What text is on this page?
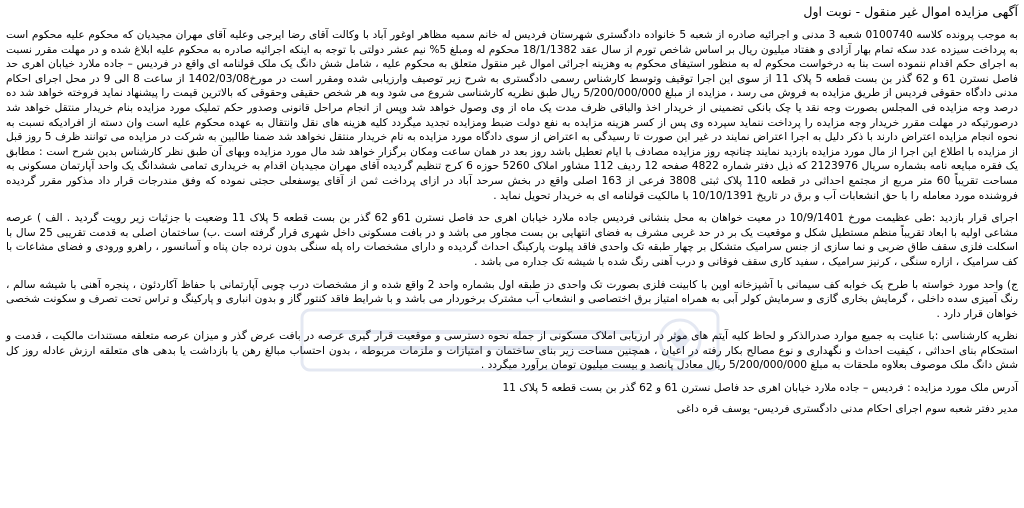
آگهی مزایده اموال غیر منقول - نوبت اول
به موجب پرونده کلاسه 0100740 شعبه 3 مدنی و اجرائیه صادره از شعبه 5 خانواده دادگستری شهرستان فردیس له خانم سمیه مظاهر اوغور آباد با وکالت آقای رضا ایرجی وعلیه آقای مهران مجیدیان که محکوم علیه محکوم است به پرداخت سیزده عدد سکه تمام بهار آزادی و هفتاد میلیون ریال بر اساس شاخص تورم از سال عقد 18/1/1382 محکوم له ومبلغ 5% نیم عشر دولتی با توجه به اینکه اجرائیه صادره به محکوم علیه ابلاغ شده و در مهلت مقرر نسبت به اجرای حکم اقدام ننموده است بنا به درخواست محکوم له به منظور استیفای محکوم به وهزینه اجرائی اموال غیر منقول متعلق به محکوم علیه ، شامل شش دانگ یک ملک قولنامه ای واقع در فردیس – جاده ملارد خیابان اهری حد فاصل نسترن 61 و 62 گذر بن بست قطعه 5 پلاک 11 از سوی این اجرا توقیف وتوسط کارشناس رسمی دادگستری به شرح زیر توصیف وارزیابی شده ومقرر است در مورخ1402/03/08 از ساعت 8 الی 9 در محل اجرای احکام مدنی دادگاه حقوقی فردیس از طریق مزایده به فروش می رسد ، مزایده از مبلغ 5/200/000/000 ریال طبق نظریه کارشناسی شروع می شود وبه هر شخص حقیقی وحقوقی که بالاترین قیمت را پیشنهاد نماید فروخته خواهد شد ده درصد وجه مزایده فی المجلس بصورت وجه نقد یا چک بانکی تضمینی از خریدار اخذ والباقی ظرف مدت یک ماه از وی وصول خواهد شد وپس از انجام مراحل قانونی وصدور حکم تملیک مورد مزایده بنام خریدار منتقل خواهد شد درصورتیکه در مهلت مقرر خریدار وجه مزایده را پرداخت ننماید سپرده وی پس از کسر هزینه مزایده به نفع دولت ضبط ومزایده تجدید میگردد کلیه هزینه های نقل وانتقال به عهده محکوم علیه است وان دسته از افرادیکه نسبت به نحوه انجام مزایده اعتراض دارند با ذکر دلیل به اجرا اعتراض نمایند در غیر این صورت تا رسیدگی به اعتراض از سوی دادگاه مورد مزایده به نام خریدار منتقل نخواهد شد ضمنا طالبین به شرکت در مزایده می توانند ظرف 5 روز قبل از مزایده با اطلاع این اجرا از مال مورد مزایده بازدید نمایند چنانچه روز مزایده مصادف با ایام تعطیل باشد روز بعد در همان ساعت ومکان برگزار خواهد شد مال مورد مزایده وبهای آن طبق نظر کارشناس بدین شرح است : مطابق یک فقره مبایعه نامه بشماره سریال 2123976 که ذیل دفتر شماره 4822 صفحه 12 ردیف 112 مشاور املاک 5260 حوزه 6 کرج تنظیم گردیده آقای مهران مجیدیان اقدام به خریداری تمامی ششدانگ یک واحد آپارتمان مسکونی به مساحت تقریباً 60 متر مربع از مجتمع احداثی در قطعه 110 پلاک ثبتی 3808 فرعی از 163 اصلی واقع در بخش سرحد آباد در ازای پرداخت ثمن از آقای یوسفعلی حجتی نموده که وفق مندرجات قرار داد مذکور مقرر گردیده فروشنده مورد معامله را با حق انشعابات آب و برق در تاریخ 10/10/1391 با مالکیت قولنامه ای به خریدار تحویل نماید .
اجرای قرار بازدید :طی عظیمت مورخ 10/9/1401 در معیت خواهان به محل بنشانی فردیس جاده ملارد خیابان اهری حد فاصل نسترن 61و 62 گذر بن بست قطعه 5 پلاک 11 وضعیت با جزئیات زیر رویت گردید . الف ) عرصه مشاعی اولیه با ابعاد تقریباً منظم مستطیل شکل و موقعیت یک بر در حد غربی مشرف به فضای انتهایی بن بست مجاور می باشد و در بافت مسکونی داخل شهری قرار گرفته است .ب) ساختمان اصلی به قدمت تقریبی 25 سال با اسکلت فلزی سقف طاق ضربی و نما سازی از جنس سرامیک متشکل بر چهار طبقه تک واحدی فاقد پیلوت پارکینگ احداث گردیده و دارای مشخصات راه پله سنگی بدون نرده جان پناه و آسانسور ، راهرو ورودی و فضای مشاعات با کف سرامیک ، ازاره سنگی ، کرنیز سرامیک ، سفید کاری سقف فوقانی و درب آهنی رنگ شده با شیشه تک جداره می باشد .
ج) واحد مورد خواسته با طرح یک خوابه کف سیمانی با آشپزخانه اوپن با کابینت فلزی بصورت تک واحدی دز طبقه اول بشماره واحد 2 واقع شده و از مشخصات درب چوبی آپارتمانی با حفاظ آکاردئون ، پنجره آهنی با شیشه سالم ، رنگ آمیزی سده داخلی ، گرمایش بخاری گازی و سرمایش کولر آبی به همراه امتیاز برق اختصاصی و انشعاب آب مشترک برخوردار می باشد و با شرایط فاقد کنتور گاز و بدون انباری و پارکینگ و تراس تحت تصرف و سکونت شخصی خواهان قرار دارد .
نظریه کارشناسی :با عنایت به جمیع موارد صدرالذکر و لحاظ کلیه آیتم های موثر در ارزیابی املاک مسکونی از جمله نحوه دسترسی و موقعیت قرار گیری عرصه در بافت عرض گذر و میزان عرصه متعلقه مستندات مالکیت ، قدمت و استحکام بنای احداثی ، کیفیت احداث و نگهداری و نوع مصالح بکار رفته در اعیان ، همچنین مساحت زیر بنای ساختمان و امتیازات و ملزمات مربوطه ، بدون احتساب مبالغ رهن یا بازداشت یا بدهی های متعلقه ارزش عادله روز کل شش دانگ ملک موصوف بعلاوه ملحقات به مبلغ 5/200/000/000 ریال معادل پانصد و بیست میلیون تومان برآورد میگردد .
آدرس ملک مورد مزایده : فردیس – جاده ملارد خیابان اهری حد فاصل نسترن 61 و 62 گذر بن بست قطعه 5 پلاک 11
مدیر دفتر شعبه سوم اجرای احکام مدنی دادگستری فردیس- یوسف قره داغی
